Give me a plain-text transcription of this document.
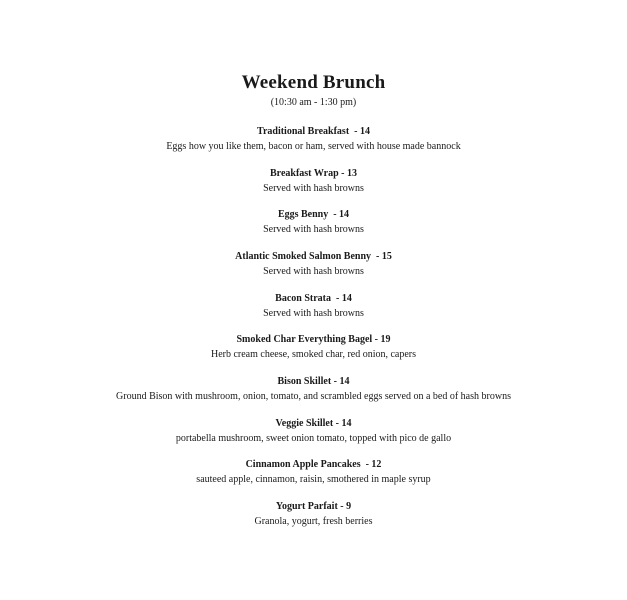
Weekend Brunch
(10:30 am - 1:30 pm)
Traditional Breakfast  - 14
Eggs how you like them, bacon or ham, served with house made bannock
Breakfast Wrap - 13
Served with hash browns
Eggs Benny  - 14
Served with hash browns
Atlantic Smoked Salmon Benny  - 15
Served with hash browns
Bacon Strata  - 14
Served with hash browns
Smoked Char Everything Bagel - 19
Herb cream cheese, smoked char, red onion, capers
Bison Skillet - 14
Ground Bison with mushroom, onion, tomato, and scrambled eggs served on a bed of hash browns
Veggie Skillet - 14
portabella mushroom, sweet onion tomato, topped with pico de gallo
Cinnamon Apple Pancakes  - 12
sauteed apple, cinnamon, raisin, smothered in maple syrup
Yogurt Parfait - 9
Granola, yogurt, fresh berries
